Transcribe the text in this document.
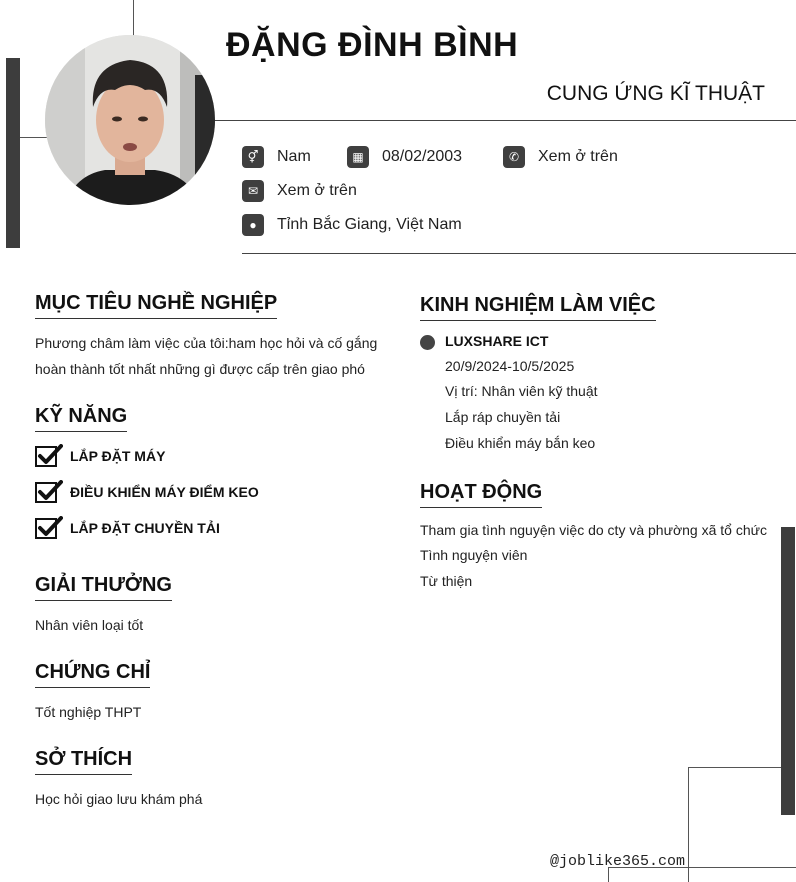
ĐẶNG ĐÌNH BÌNH
CUNG ỨNG KĨ THUẬT
⚥	Nam	▦	08/02/2003	✆	Xem ở trên
✉	Xem ở trên
●	Tỉnh Bắc Giang, Việt Nam
MỤC TIÊU NGHỀ NGHIỆP
Phương châm làm việc của tôi:ham học hỏi và cố gắng
hoàn thành tốt nhất những gì được cấp trên giao phó
KỸ NĂNG
LẮP ĐẶT MÁY
ĐIỀU KHIỂN MÁY ĐIỂM KEO
LẮP ĐẶT CHUYỀN TẢI
GIẢI THƯỞNG
Nhân viên loại tốt
CHỨNG CHỈ
Tốt nghiệp THPT
SỞ THÍCH
Học hỏi giao lưu khám phá
KINH NGHIỆM LÀM VIỆC
LUXSHARE ICT
20/9/2024-10/5/2025
Vị trí: Nhân viên kỹ thuật
Lắp ráp chuyền tải
Điều khiển máy bắn keo
HOẠT ĐỘNG
Tham gia tình nguyện việc do cty và phường xã tổ chức
Tình nguyện viên
Từ thiện
@joblike365.com
